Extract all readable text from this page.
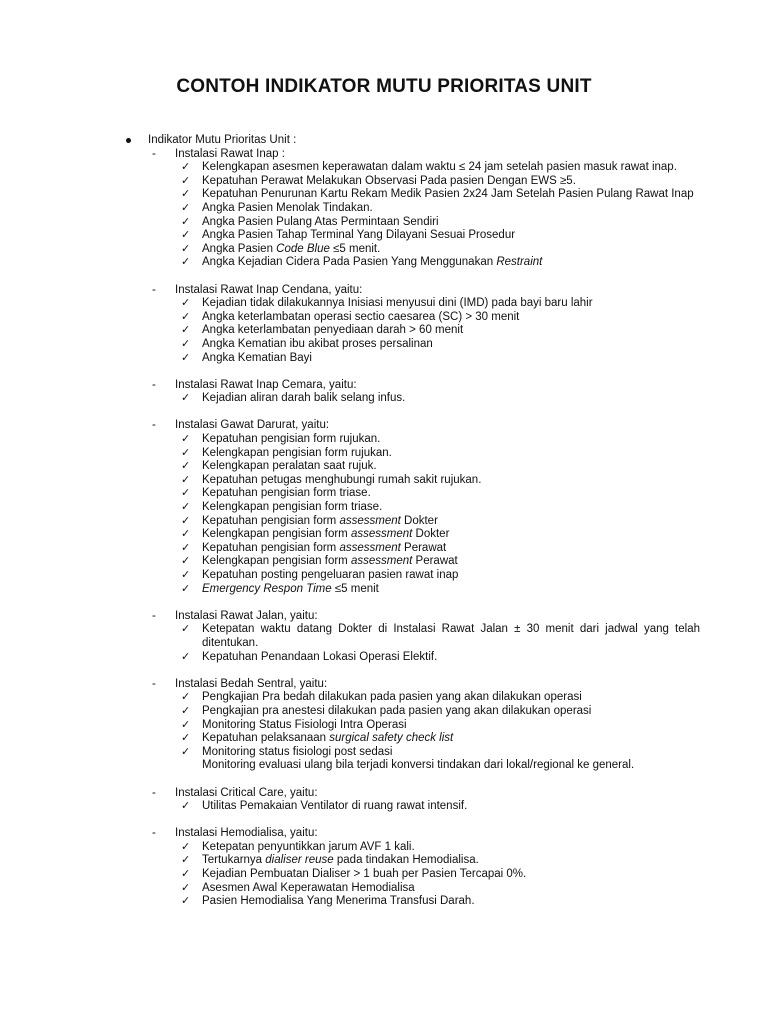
CONTOH INDIKATOR MUTU PRIORITAS UNIT
Indikator Mutu Prioritas Unit :
-	Instalasi Rawat Inap :
✓ Kelengkapan asesmen keperawatan dalam waktu ≤ 24 jam setelah pasien masuk rawat inap.
✓ Kepatuhan Perawat Melakukan Observasi Pada pasien Dengan EWS ≥5.
✓ Kepatuhan Penurunan Kartu Rekam Medik Pasien 2x24 Jam Setelah Pasien Pulang Rawat Inap
✓ Angka Pasien Menolak Tindakan.
✓ Angka Pasien Pulang Atas Permintaan Sendiri
✓ Angka Pasien Tahap Terminal Yang Dilayani Sesuai Prosedur
✓ Angka Pasien Code Blue ≤5 menit.
✓ Angka Kejadian Cidera Pada Pasien Yang Menggunakan Restraint
-	Instalasi Rawat Inap Cendana, yaitu:
✓ Kejadian tidak dilakukannya Inisiasi menyusui dini (IMD) pada bayi baru lahir
✓ Angka keterlambatan operasi sectio caesarea (SC) > 30 menit
✓ Angka keterlambatan penyediaan darah > 60 menit
✓ Angka Kematian ibu akibat proses persalinan
✓ Angka Kematian Bayi
-	Instalasi Rawat Inap Cemara, yaitu:
✓ Kejadian aliran darah balik selang infus.
-	Instalasi Gawat Darurat, yaitu:
✓ Kepatuhan pengisian form rujukan.
✓ Kelengkapan pengisian form rujukan.
✓ Kelengkapan peralatan saat rujuk.
✓ Kepatuhan petugas menghubungi rumah sakit rujukan.
✓ Kepatuhan pengisian form triase.
✓ Kelengkapan pengisian form triase.
✓ Kepatuhan pengisian form assessment Dokter
✓ Kelengkapan pengisian form assessment Dokter
✓ Kepatuhan pengisian form assessment Perawat
✓ Kelengkapan pengisian form assessment Perawat
✓ Kepatuhan posting pengeluaran pasien rawat inap
✓ Emergency Respon Time ≤5 menit
-	Instalasi Rawat Jalan, yaitu:
✓ Ketepatan waktu datang Dokter di Instalasi Rawat Jalan ± 30 menit dari jadwal yang telah ditentukan.
✓ Kepatuhan Penandaan Lokasi Operasi Elektif.
-	Instalasi Bedah Sentral, yaitu:
✓ Pengkajian Pra bedah dilakukan pada pasien yang akan dilakukan operasi
✓ Pengkajian pra anestesi dilakukan pada pasien yang akan dilakukan operasi
✓ Monitoring Status Fisiologi Intra Operasi
✓ Kepatuhan pelaksanaan surgical safety check list
✓ Monitoring status fisiologi post sedasi
Monitoring evaluasi ulang bila terjadi konversi tindakan dari lokal/regional ke general.
-	Instalasi Critical Care, yaitu:
✓ Utilitas Pemakaian Ventilator di ruang rawat intensif.
-	Instalasi Hemodialisa, yaitu:
✓ Ketepatan penyuntikkan jarum AVF 1 kali.
✓ Tertukarnya dialiser reuse pada tindakan Hemodialisa.
✓ Kejadian Pembuatan Dialiser > 1 buah per Pasien Tercapai 0%.
✓ Asesmen Awal Keperawatan Hemodialisa
✓ Pasien Hemodialisa Yang Menerima Transfusi Darah.
